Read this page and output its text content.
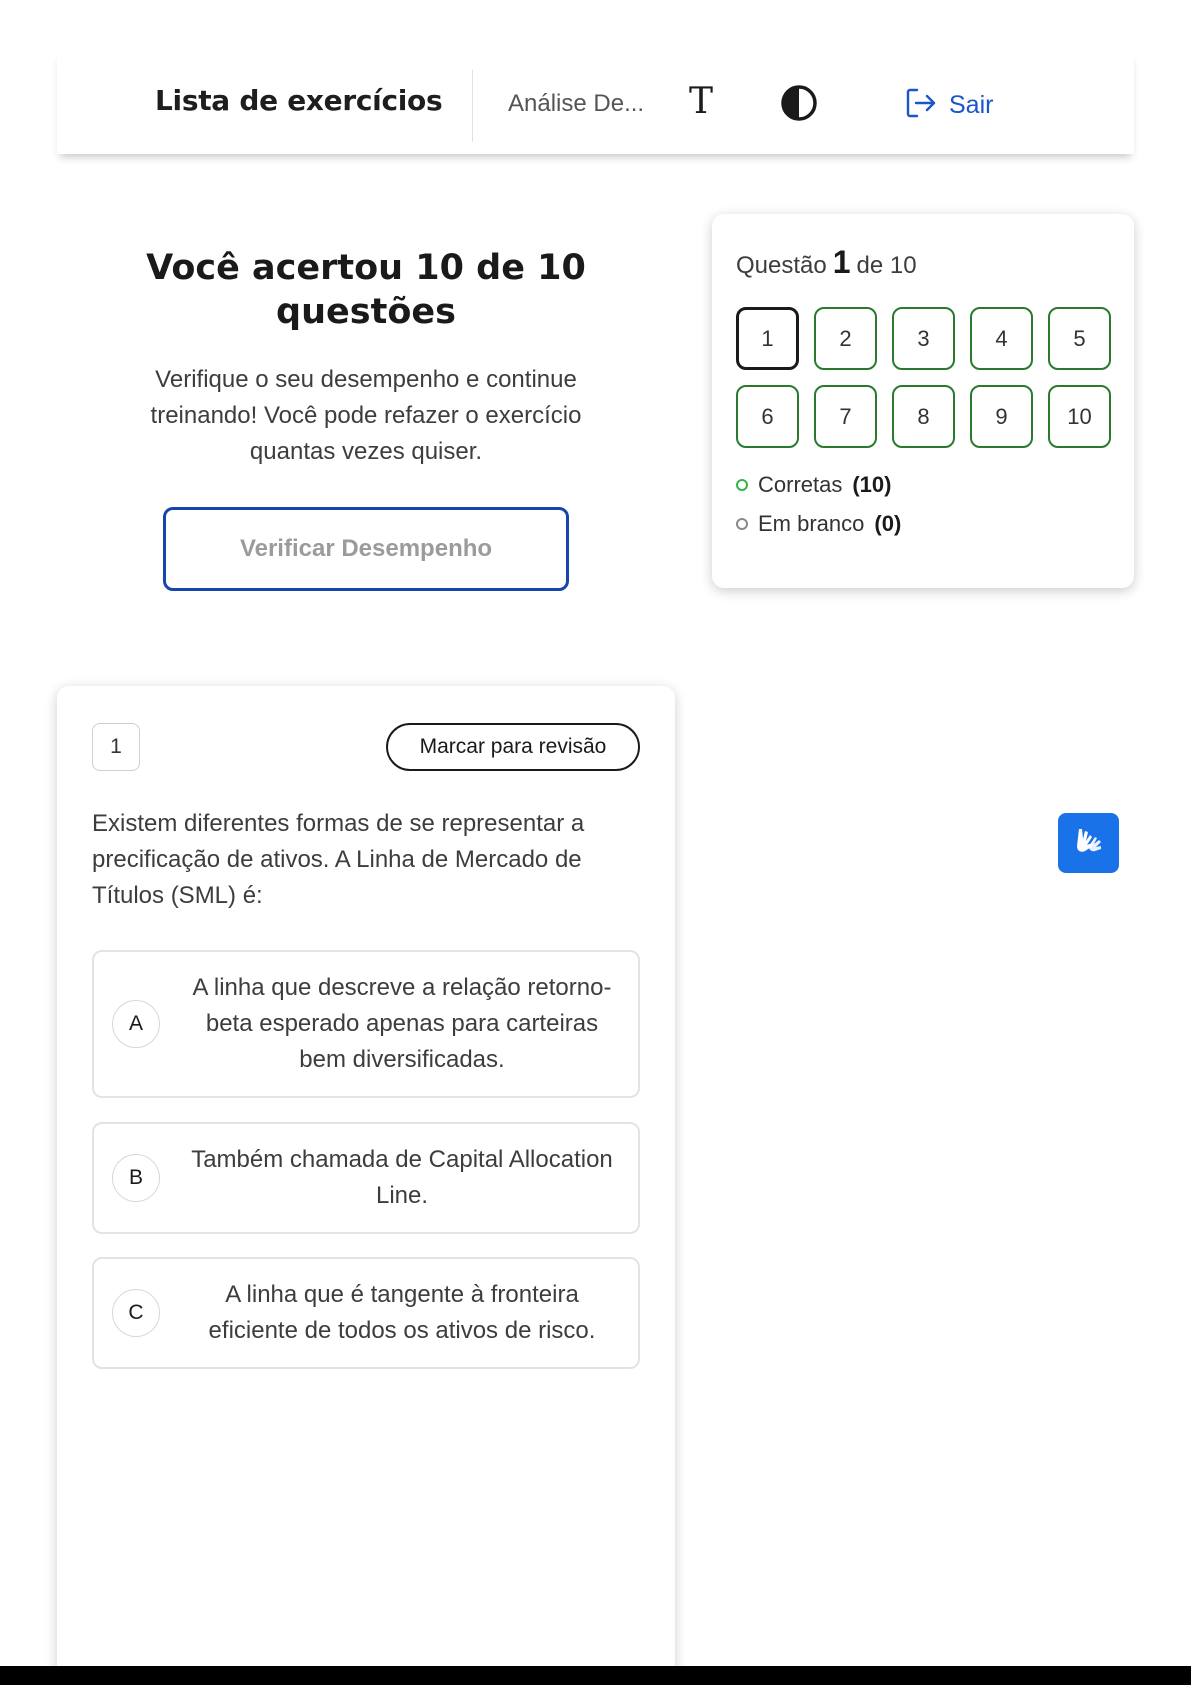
Lista de exercícios	Análise De... T	Sair
Você acertou 10 de 10 questões

Verifique o seu desempenho e continue treinando! Você pode refazer o exercício quantas vezes quiser.

Verificar Desempenho
Questão 1 de 10
1	2	3	4	5
6	7	8	9	10
Corretas (10)
Em branco (0)
1	Marcar para revisão

Existem diferentes formas de se representar a precificação de ativos. A Linha de Mercado de Títulos (SML) é:

A
A linha que descreve a relação retorno-beta esperado apenas para carteiras bem diversificadas.
B
Também chamada de Capital Allocation Line.
C
A linha que é tangente à fronteira eficiente de todos os ativos de risco.
